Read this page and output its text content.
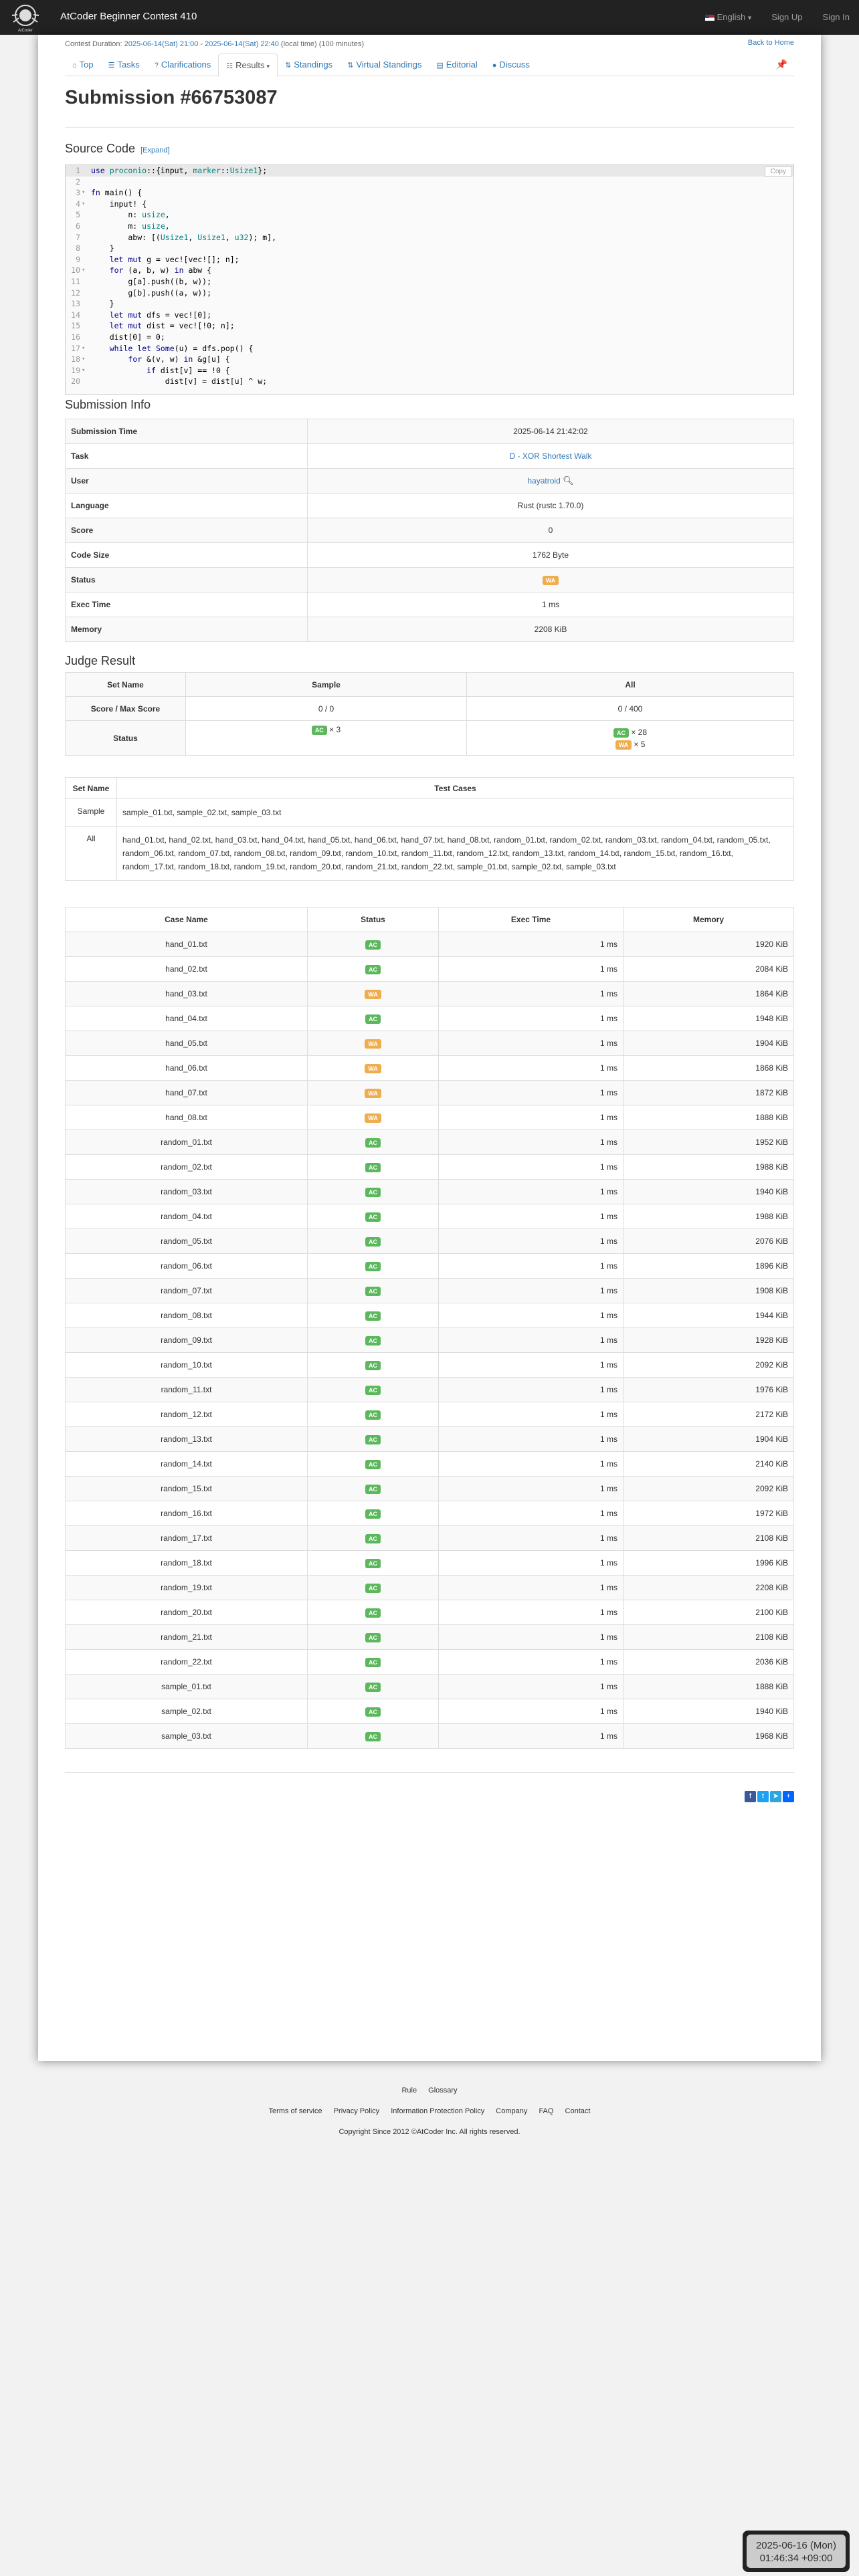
AtCoder
AtCoder Beginner Contest 410	English ▾ Sign Up Sign In
Contest Duration: 2025-06-14(Sat) 21:00 - 2025-06-14(Sat) 22:40 (local time) (100 minutes)	Back to Home
⌂ Top	☰ Tasks	? Clarifications	☷ Results ▾	⇅ Standings	⇅ Virtual Standings	▤ Editorial	● Discuss	📌
Submission #66753087
Source Code [Expand]
Copy
1	use proconio::{input, marker::Usize1};
2
3 ▾ fn main() {
4 ▾ input! {
5	n: usize,
6	m: usize,
7	abw: [(Usize1, Usize1, u32); m],
8	}
9	let mut g = vec![vec![]; n];
10 ▾	for (a, b, w) in abw {
11	g[a].push((b, w));
12	g[b].push((a, w));
13	}
14	let mut dfs = vec![0];
15	let mut dist = vec![!0; n];
16	dist[0] = 0;
17 ▾	while let Some(u) = dfs.pop() {
18 ▾	for &(v, w) in &g[u] {
19 ▾	if dist[v] == !0 {
20	dist[v] = dist[u] ^ w;
Submission Info
Submission Time	2025-06-14 21:42:02
Task	D - XOR Shortest Walk
User	hayatroid 🔍︎
Language	Rust (rustc 1.70.0)
Score	0
Code Size	1762 Byte
Status	WA
Exec Time	1 ms
Memory	2208 KiB
Judge Result
Set Name	Sample	All
Score / Max Score	0 / 0	0 / 400
Status	AC × 3	AC × 28
WA × 5
Set Name	Test Cases
Sample	sample_01.txt, sample_02.txt, sample_03.txt
All	hand_01.txt, hand_02.txt, hand_03.txt, hand_04.txt, hand_05.txt, hand_06.txt, hand_07.txt, hand_08.txt, random_01.txt, random_02.txt, random_03.txt, random_04.txt, random_05.txt, random_06.txt, random_07.txt, random_08.txt, random_09.txt, random_10.txt, random_11.txt, random_12.txt, random_13.txt, random_14.txt, random_15.txt, random_16.txt, random_17.txt, random_18.txt, random_19.txt, random_20.txt, random_21.txt, random_22.txt, sample_01.txt, sample_02.txt, sample_03.txt
Case Name	Status	Exec Time	Memory
hand_01.txt	AC	1 ms	1920 KiB
hand_02.txt	AC	1 ms	2084 KiB
hand_03.txt	WA	1 ms	1864 KiB
hand_04.txt	AC	1 ms	1948 KiB
hand_05.txt	WA	1 ms	1904 KiB
hand_06.txt	WA	1 ms	1868 KiB
hand_07.txt	WA	1 ms	1872 KiB
hand_08.txt	WA	1 ms	1888 KiB
random_01.txt	AC	1 ms	1952 KiB
random_02.txt	AC	1 ms	1988 KiB
random_03.txt	AC	1 ms	1940 KiB
random_04.txt	AC	1 ms	1988 KiB
random_05.txt	AC	1 ms	2076 KiB
random_06.txt	AC	1 ms	1896 KiB
random_07.txt	AC	1 ms	1908 KiB
random_08.txt	AC	1 ms	1944 KiB
random_09.txt	AC	1 ms	1928 KiB
random_10.txt	AC	1 ms	2092 KiB
random_11.txt	AC	1 ms	1976 KiB
random_12.txt	AC	1 ms	2172 KiB
random_13.txt	AC	1 ms	1904 KiB
random_14.txt	AC	1 ms	2140 KiB
random_15.txt	AC	1 ms	2092 KiB
random_16.txt	AC	1 ms	1972 KiB
random_17.txt	AC	1 ms	2108 KiB
random_18.txt	AC	1 ms	1996 KiB
random_19.txt	AC	1 ms	2208 KiB
random_20.txt	AC	1 ms	2100 KiB
random_21.txt	AC	1 ms	2108 KiB
random_22.txt	AC	1 ms	2036 KiB
sample_01.txt	AC	1 ms	1888 KiB
sample_02.txt	AC	1 ms	1940 KiB
sample_03.txt	AC	1 ms	1968 KiB
f	t	➤	+
Rule Glossary
Terms of service Privacy Policy Information Protection Policy Company FAQ Contact
Copyright Since 2012 ©AtCoder Inc. All rights reserved.
2025-06-16 (Mon)
01:46:34 +09:00
